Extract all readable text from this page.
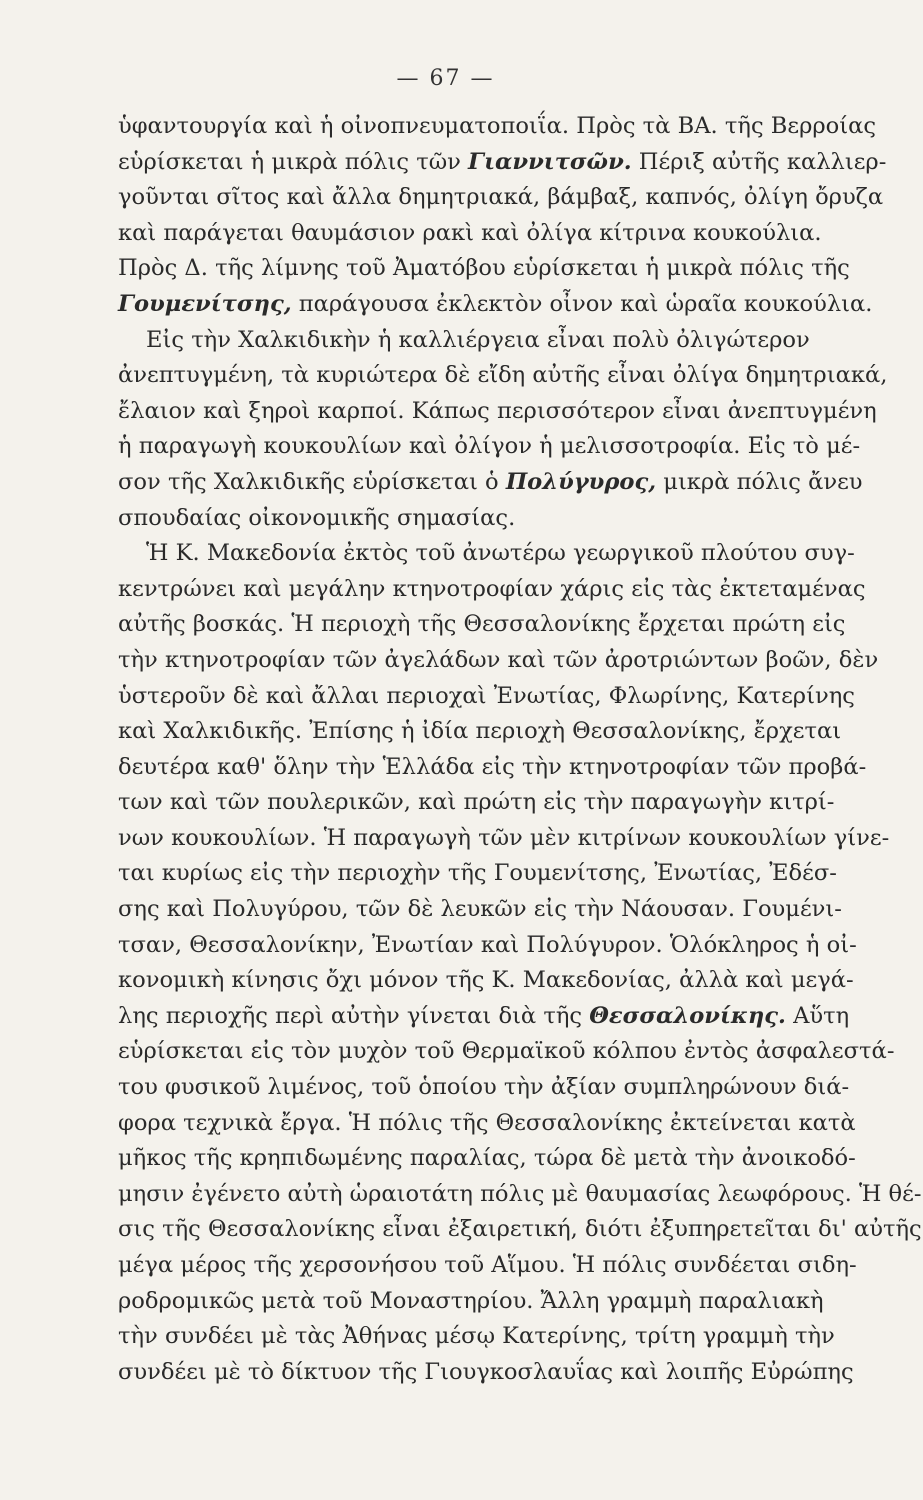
— 67 —
ὑφαντουργία καὶ ἡ οἰνοπνευματοποιΐα. Πρὸς τὰ ΒΑ. τῆς Βερροίας
εὑρίσκεται ἡ μικρὰ πόλις τῶν Γιαννιτσῶν. Πέριξ αὐτῆς καλλιερ-
γοῦνται σῖτος καὶ ἄλλα δημητριακά, βάμβαξ, καπνός, ὀλίγη ὄρυζα
καὶ παράγεται θαυμάσιον ρακὶ καὶ ὀλίγα κίτρινα κουκούλια.
Πρὸς Δ. τῆς λίμνης τοῦ Ἀματόβου εὑρίσκεται ἡ μικρὰ πόλις τῆς
Γουμενίτσης, παράγουσα ἐκλεκτὸν οἶνον καὶ ὡραῖα κουκούλια.
Εἰς τὴν Χαλκιδικὴν ἡ καλλιέργεια εἶναι πολὺ ὀλιγώτερον
ἀνεπτυγμένη, τὰ κυριώτερα δὲ εἴδη αὐτῆς εἶναι ὀλίγα δημητριακά,
ἔλαιον καὶ ξηροὶ καρποί. Κάπως περισσότερον εἶναι ἀνεπτυγμένη
ἡ παραγωγὴ κουκουλίων καὶ ὀλίγον ἡ μελισσοτροφία. Εἰς τὸ μέ-
σον τῆς Χαλκιδικῆς εὑρίσκεται ὁ Πολύγυρος, μικρὰ πόλις ἄνευ
σπουδαίας οἰκονομικῆς σημασίας.
Ἡ Κ. Μακεδονία ἐκτὸς τοῦ ἀνωτέρω γεωργικοῦ πλούτου συγ-
κεντρώνει καὶ μεγάλην κτηνοτροφίαν χάρις εἰς τὰς ἐκτεταμένας
αὐτῆς βοσκάς. Ἡ περιοχὴ τῆς Θεσσαλονίκης ἔρχεται πρώτη εἰς
τὴν κτηνοτροφίαν τῶν ἀγελάδων καὶ τῶν ἀροτριώντων βοῶν, δὲν
ὑστεροῦν δὲ καὶ ἄλλαι περιοχαὶ Ἐνωτίας, Φλωρίνης, Κατερίνης
καὶ Χαλκιδικῆς. Ἐπίσης ἡ ἰδία περιοχὴ Θεσσαλονίκης, ἔρχεται
δευτέρα καθ' ὅλην τὴν Ἑλλάδα εἰς τὴν κτηνοτροφίαν τῶν προβά-
των καὶ τῶν πουλερικῶν, καὶ πρώτη εἰς τὴν παραγωγὴν κιτρί-
νων κουκουλίων. Ἡ παραγωγὴ τῶν μὲν κιτρίνων κουκουλίων γίνε-
ται κυρίως εἰς τὴν περιοχὴν τῆς Γουμενίτσης, Ἐνωτίας, Ἐδέσ-
σης καὶ Πολυγύρου, τῶν δὲ λευκῶν εἰς τὴν Νάουσαν. Γουμένι-
τσαν, Θεσσαλονίκην, Ἐνωτίαν καὶ Πολύγυρον. Ὁλόκληρος ἡ οἰ-
κονομικὴ κίνησις ὄχι μόνον τῆς Κ. Μακεδονίας, ἀλλὰ καὶ μεγά-
λης περιοχῆς περὶ αὐτὴν γίνεται διὰ τῆς Θεσσαλονίκης. Αὕτη
εὑρίσκεται εἰς τὸν μυχὸν τοῦ Θερμαϊκοῦ κόλπου ἐντὸς ἀσφαλεστά-
του φυσικοῦ λιμένος, τοῦ ὁποίου τὴν ἀξίαν συμπληρώνουν διά-
φορα τεχνικὰ ἔργα. Ἡ πόλις τῆς Θεσσαλονίκης ἐκτείνεται κατὰ
μῆκος τῆς κρηπιδωμένης παραλίας, τώρα δὲ μετὰ τὴν ἀνοικοδό-
μησιν ἐγένετο αὐτὴ ὡραιοτάτη πόλις μὲ θαυμασίας λεωφόρους. Ἡ θέ-
σις τῆς Θεσσαλονίκης εἶναι ἐξαιρετική, διότι ἐξυπηρετεῖται δι' αὐτῆς
μέγα μέρος τῆς χερσονήσου τοῦ Αἵμου. Ἡ πόλις συνδέεται σιδη-
ροδρομικῶς μετὰ τοῦ Μοναστηρίου. Ἄλλη γραμμὴ παραλιακὴ
τὴν συνδέει μὲ τὰς Ἀθήνας μέσῳ Κατερίνης, τρίτη γραμμὴ τὴν
συνδέει μὲ τὸ δίκτυον τῆς Γιουγκοσλαυΐας καὶ λοιπῆς Εὐρώπης
